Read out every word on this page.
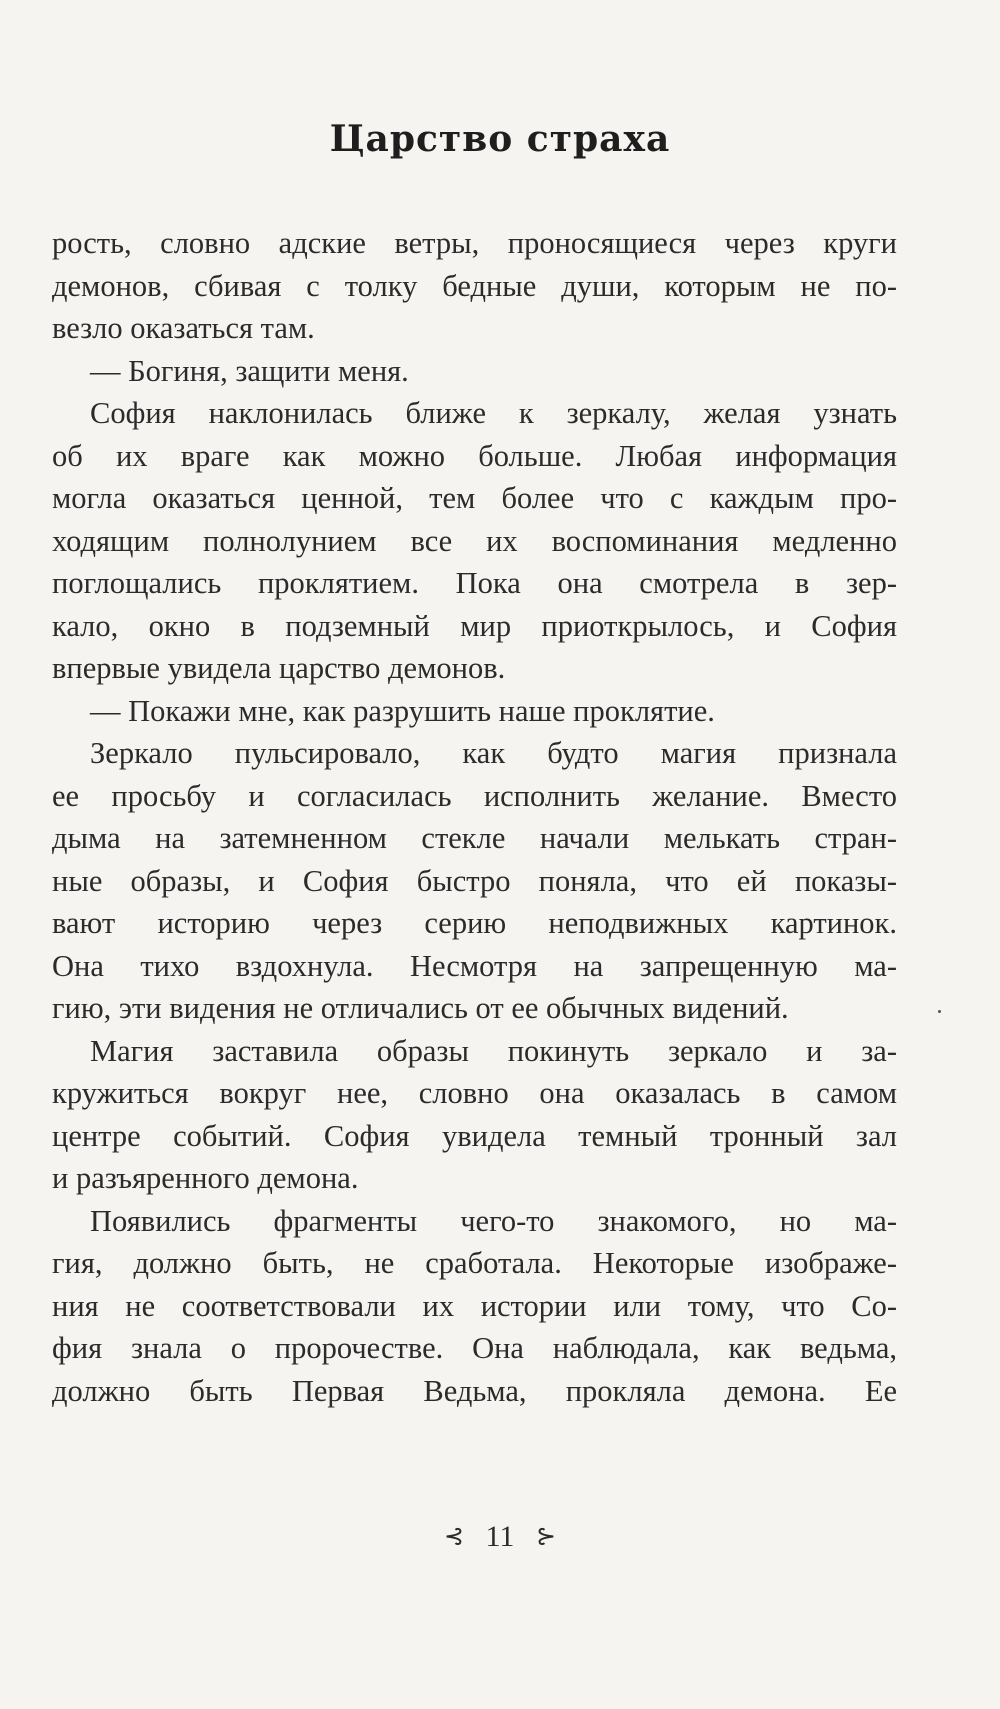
Царство страха
рость, словно адские ветры, проносящиеся через круги
демонов, сбивая с толку бедные души, которым не по-
везло оказаться там.
— Богиня, защити меня.
София наклонилась ближе к зеркалу, желая узнать
об их враге как можно больше. Любая информация
могла оказаться ценной, тем более что с каждым про-
ходящим полнолунием все их воспоминания медленно
поглощались проклятием. Пока она смотрела в зер-
кало, окно в подземный мир приоткрылось, и София
впервые увидела царство демонов.
— Покажи мне, как разрушить наше проклятие.
Зеркало пульсировало, как будто магия признала
ее просьбу и согласилась исполнить желание. Вместо
дыма на затемненном стекле начали мелькать стран-
ные образы, и София быстро поняла, что ей показы-
вают историю через серию неподвижных картинок.
Она тихо вздохнула. Несмотря на запрещенную ма-
гию, эти видения не отличались от ее обычных видений.
Магия заставила образы покинуть зеркало и за-
кружиться вокруг нее, словно она оказалась в самом
центре событий. София увидела темный тронный зал
и разъяренного демона.
Появились фрагменты чего-то знакомого, но ма-
гия, должно быть, не сработала. Некоторые изображе-
ния не соответствовали их истории или тому, что Со-
фия знала о пророчестве. Она наблюдала, как ведьма,
должно быть Первая Ведьма, прокляла демона. Ее
⊰ 11 ⊱
